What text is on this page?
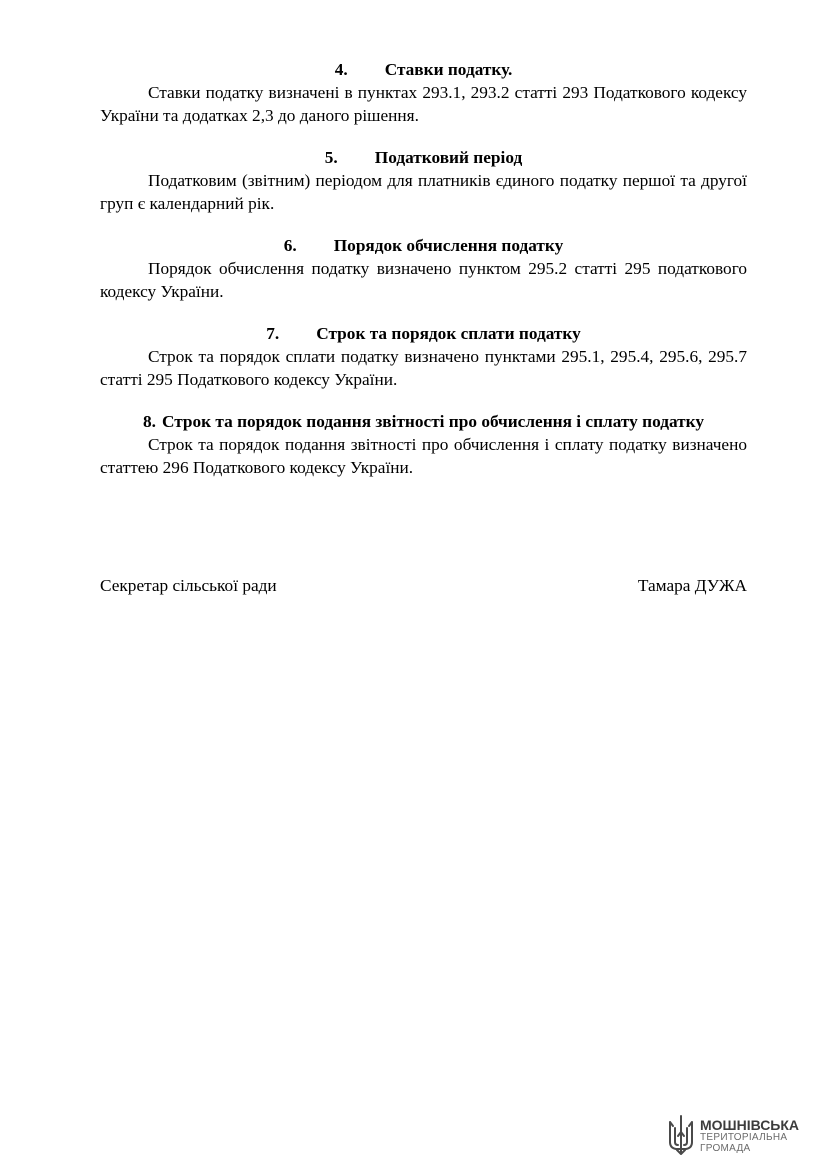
4. Ставки податку.

Ставки податку визначені в пунктах 293.1, 293.2 статті 293 Податкового кодексу України та додатках 2,3 до даного рішення.

5. Податковий період

Податковим (звітним) періодом для платників єдиного податку першої та другої груп є календарний рік.

6. Порядок обчислення податку

Порядок обчислення податку визначено пунктом 295.2 статті 295 податкового кодексу України.

7. Строк та порядок сплати податку

Строк та порядок сплати податку визначено пунктами 295.1, 295.4, 295.6, 295.7 статті 295 Податкового кодексу України.

8. Строк та порядок подання звітності про обчислення і сплату податку

Строк та порядок подання звітності про обчислення і сплату податку визначено статтею 296 Податкового кодексу України.

Секретар сільської ради	Тамара ДУЖА
МОШНІВСЬКА
ТЕРИТОРІАЛЬНА
ГРОМАДА
